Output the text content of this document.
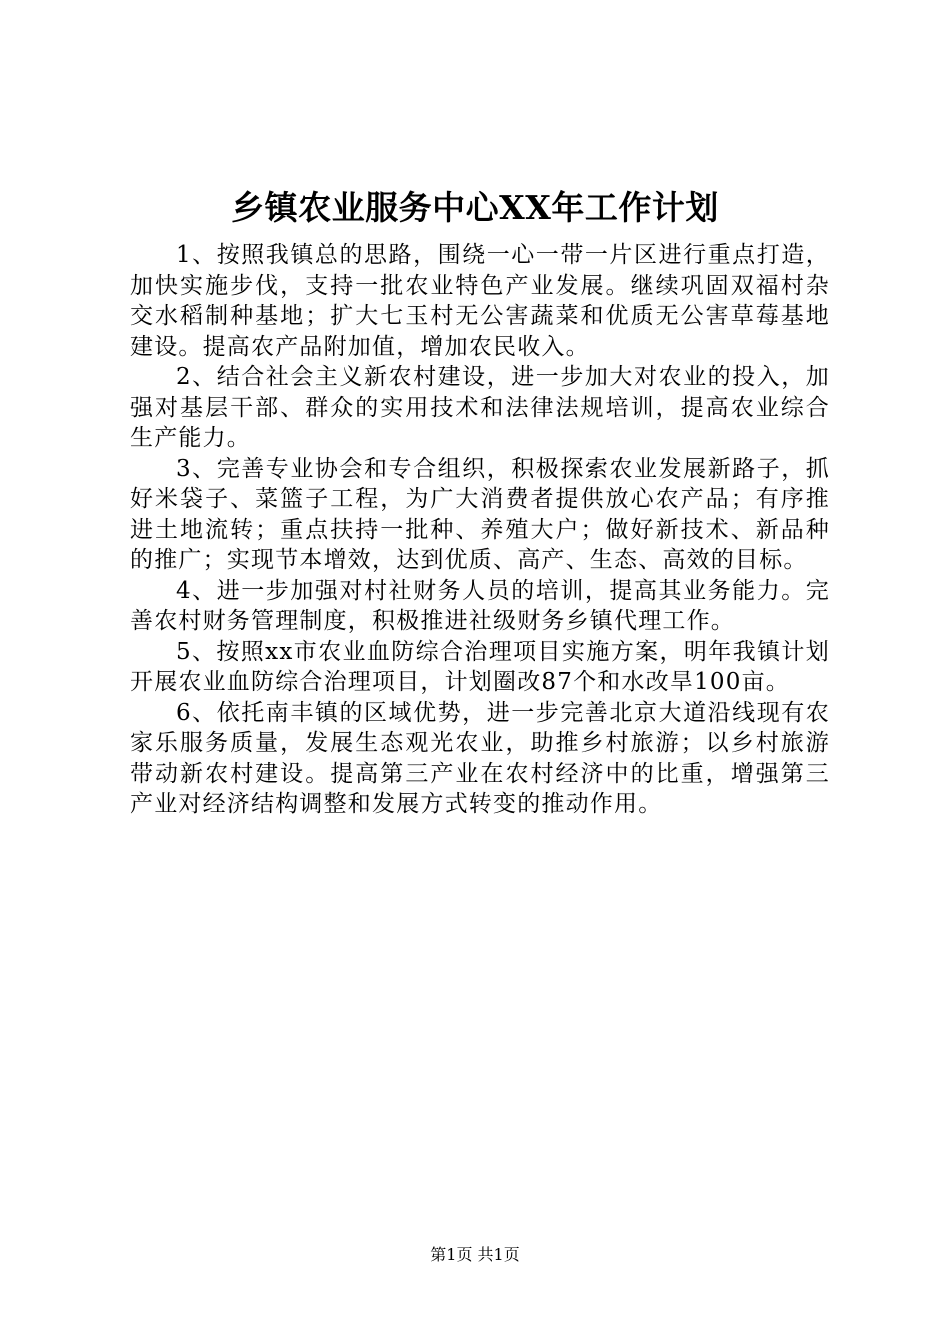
乡镇农业服务中心XX年工作计划

1、按照我镇总的思路，围绕一心一带一片区进行重点打造，加快实施步伐，支持一批农业特色产业发展。继续巩固双福村杂交水稻制种基地；扩大七玉村无公害蔬菜和优质无公害草莓基地建设。提高农产品附加值，增加农民收入。

2、结合社会主义新农村建设，进一步加大对农业的投入，加强对基层干部、群众的实用技术和法律法规培训，提高农业综合生产能力。

3、完善专业协会和专合组织，积极探索农业发展新路子，抓好米袋子、菜篮子工程，为广大消费者提供放心农产品；有序推进土地流转；重点扶持一批种、养殖大户；做好新技术、新品种的推广；实现节本增效，达到优质、高产、生态、高效的目标。

4、进一步加强对村社财务人员的培训，提高其业务能力。完善农村财务管理制度，积极推进社级财务乡镇代理工作。

5、按照xx市农业血防综合治理项目实施方案，明年我镇计划开展农业血防综合治理项目，计划圈改87个和水改旱100亩。

6、依托南丰镇的区域优势，进一步完善北京大道沿线现有农家乐服务质量，发展生态观光农业，助推乡村旅游；以乡村旅游带动新农村建设。提高第三产业在农村经济中的比重，增强第三产业对经济结构调整和发展方式转变的推动作用。

第1页 共1页
